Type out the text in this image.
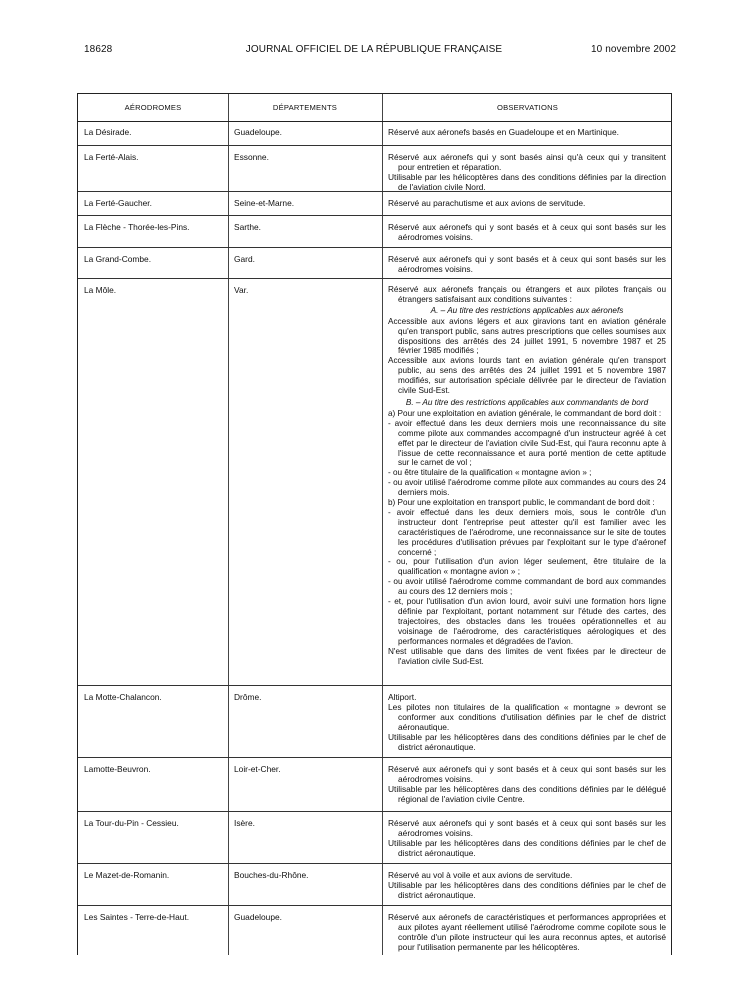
18628	JOURNAL OFFICIEL DE LA RÉPUBLIQUE FRANÇAISE	10 novembre 2002
AÉRODROMES	DÉPARTEMENTS	OBSERVATIONS
La Désirade.	Guadeloupe.	Réservé aux aéronefs basés en Guadeloupe et en Martinique.
La Ferté-Alais.	Essonne.	Réservé aux aéronefs qui y sont basés ainsi qu'à ceux qui y transitent pour entretien et réparation.
Utilisable par les hélicoptères dans des conditions définies par la direction de l'aviation civile Nord.
La Ferté-Gaucher.	Seine-et-Marne.	Réservé au parachutisme et aux avions de servitude.
La Flèche - Thorée-les-Pins.	Sarthe.	Réservé aux aéronefs qui y sont basés et à ceux qui sont basés sur les aérodromes voisins.
La Grand-Combe.	Gard.	Réservé aux aéronefs qui y sont basés et à ceux qui sont basés sur les aérodromes voisins.
La Môle.	Var.	Réservé aux aéronefs français ou étrangers et aux pilotes français ou étrangers satisfaisant aux conditions suivantes :
A. – Au titre des restrictions applicables aux aéronefs
Accessible aux avions légers et aux giravions tant en aviation générale qu'en transport public, sans autres prescriptions que celles soumises aux dispositions des arrêtés des 24 juillet 1991, 5 novembre 1987 et 25 février 1985 modifiés ;
Accessible aux avions lourds tant en aviation générale qu'en transport public, au sens des arrêtés des 24 juillet 1991 et 5 novembre 1987 modifiés, sur autorisation spéciale délivrée par le directeur de l'aviation civile Sud-Est.
B. – Au titre des restrictions applicables aux commandants de bord
a) Pour une exploitation en aviation générale, le commandant de bord doit :
- avoir effectué dans les deux derniers mois une reconnaissance du site comme pilote aux commandes accompagné d'un instructeur agréé à cet effet par le directeur de l'aviation civile Sud-Est, qui l'aura reconnu apte à l'issue de cette reconnaissance et aura porté mention de cette aptitude sur le carnet de vol ;
- ou être titulaire de la qualification « montagne avion » ;
- ou avoir utilisé l'aérodrome comme pilote aux commandes au cours des 24 derniers mois.
b) Pour une exploitation en transport public, le commandant de bord doit :
- avoir effectué dans les deux derniers mois, sous le contrôle d'un instructeur dont l'entreprise peut attester qu'il est familier avec les caractéristiques de l'aérodrome, une reconnaissance sur le site de toutes les procédures d'utilisation prévues par l'exploitant sur le type d'aéronef concerné ;
- ou, pour l'utilisation d'un avion léger seulement, être titulaire de la qualification « montagne avion » ;
- ou avoir utilisé l'aérodrome comme commandant de bord aux commandes au cours des 12 derniers mois ;
- et, pour l'utilisation d'un avion lourd, avoir suivi une formation hors ligne définie par l'exploitant, portant notamment sur l'étude des cartes, des trajectoires, des obstacles dans les trouées opérationnelles et au voisinage de l'aérodrome, des caractéristiques aérologiques et des performances normales et dégradées de l'avion.
N'est utilisable que dans des limites de vent fixées par le directeur de l'aviation civile Sud-Est.
La Motte-Chalancon.	Drôme.	Altiport.
Les pilotes non titulaires de la qualification « montagne » devront se conformer aux conditions d'utilisation définies par le chef de district aéronautique.
Utilisable par les hélicoptères dans des conditions définies par le chef de district aéronautique.
Lamotte-Beuvron.	Loir-et-Cher.	Réservé aux aéronefs qui y sont basés et à ceux qui sont basés sur les aérodromes voisins.
Utilisable par les hélicoptères dans des conditions définies par le délégué régional de l'aviation civile Centre.
La Tour-du-Pin - Cessieu.	Isère.	Réservé aux aéronefs qui y sont basés et à ceux qui sont basés sur les aérodromes voisins.
Utilisable par les hélicoptères dans des conditions définies par le chef de district aéronautique.
Le Mazet-de-Romanin.	Bouches-du-Rhône.	Réservé au vol à voile et aux avions de servitude.
Utilisable par les hélicoptères dans des conditions définies par le chef de district aéronautique.
Les Saintes - Terre-de-Haut.	Guadeloupe.	Réservé aux aéronefs de caractéristiques et performances appropriées et aux pilotes ayant réellement utilisé l'aérodrome comme copilote sous le contrôle d'un pilote instructeur qui les aura reconnus aptes, et autorisé pour l'utilisation permanente par les hélicoptères.
